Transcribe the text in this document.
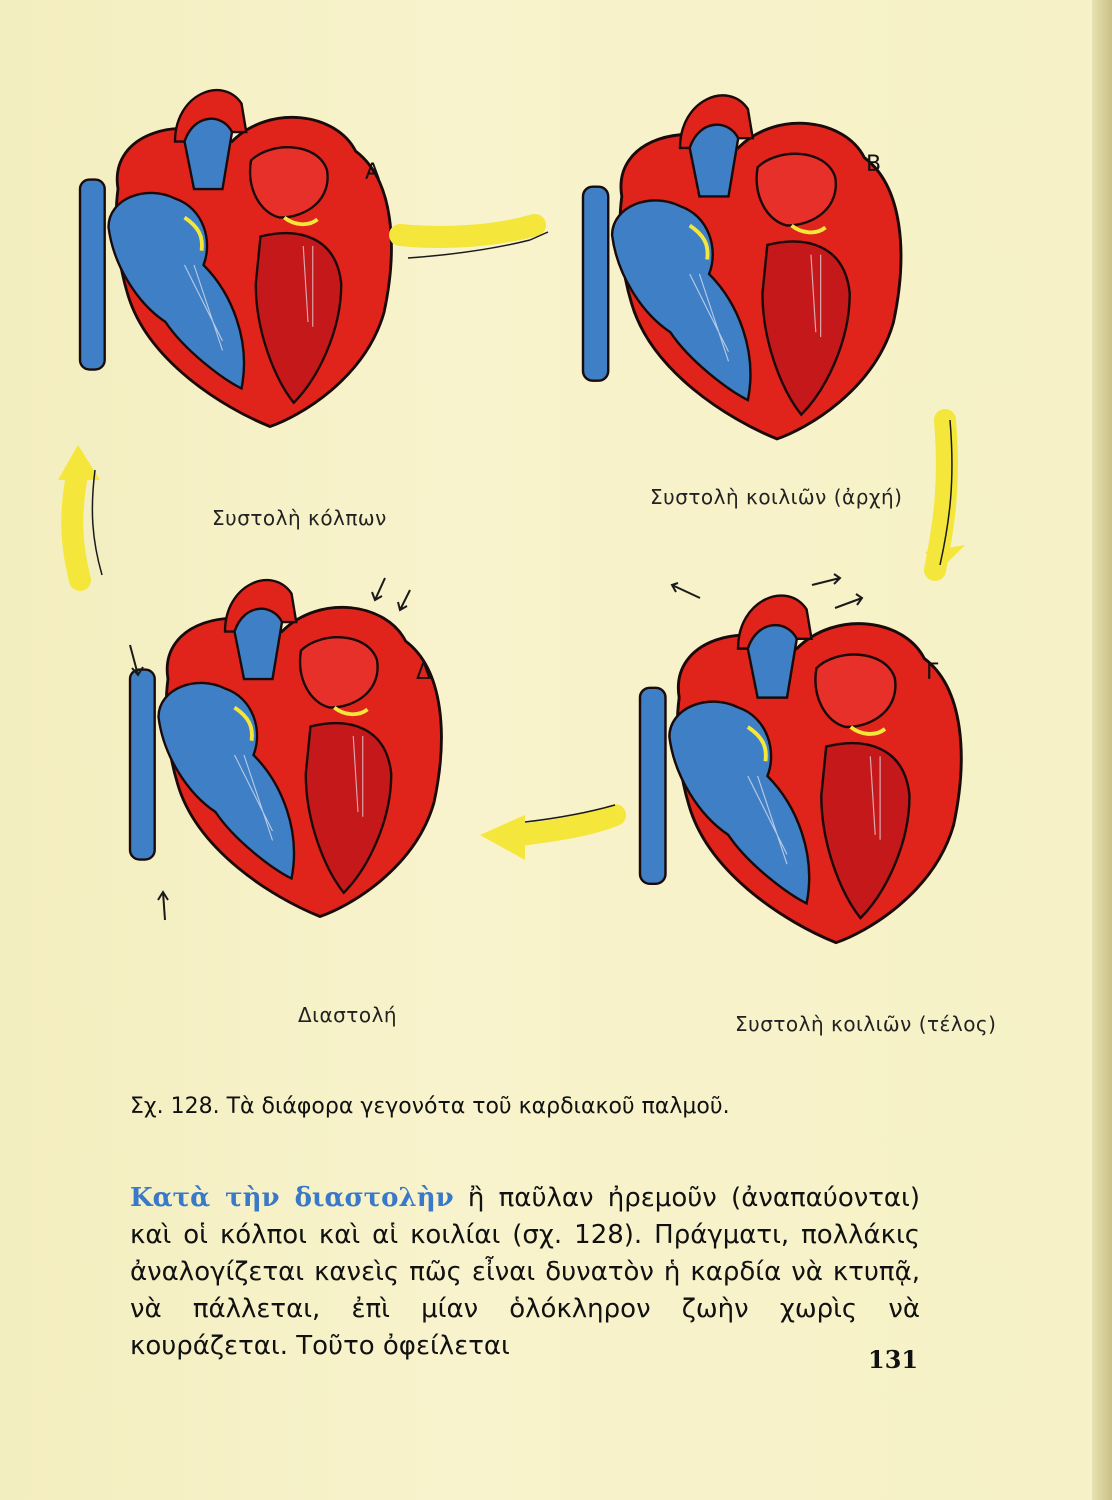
Α	Β
Γ
Δ
Συστολὴ κόλπων
Συστολὴ κοιλιῶν (ἀρχή)
Συστολὴ κοιλιῶν (τέλος)
Διαστολή
Σχ. 128. Τὰ διάφορα γεγονότα τοῦ καρδιακοῦ παλμοῦ.
Κατὰ τὴν διαστολὴν ἢ παῦλαν ἠρεμοῦν (ἀναπαύονται) καὶ οἱ κόλποι καὶ αἱ κοιλίαι (σχ. 128). Πράγματι, πολλάκις ἀναλογίζεται κανεὶς πῶς εἶναι δυνατὸν ἡ καρδία νὰ κτυπᾷ, νὰ πάλλεται, ἐπὶ μίαν ὁλόκληρον ζωὴν χωρὶς νὰ κουράζεται. Τοῦτο ὀφείλεται	131
